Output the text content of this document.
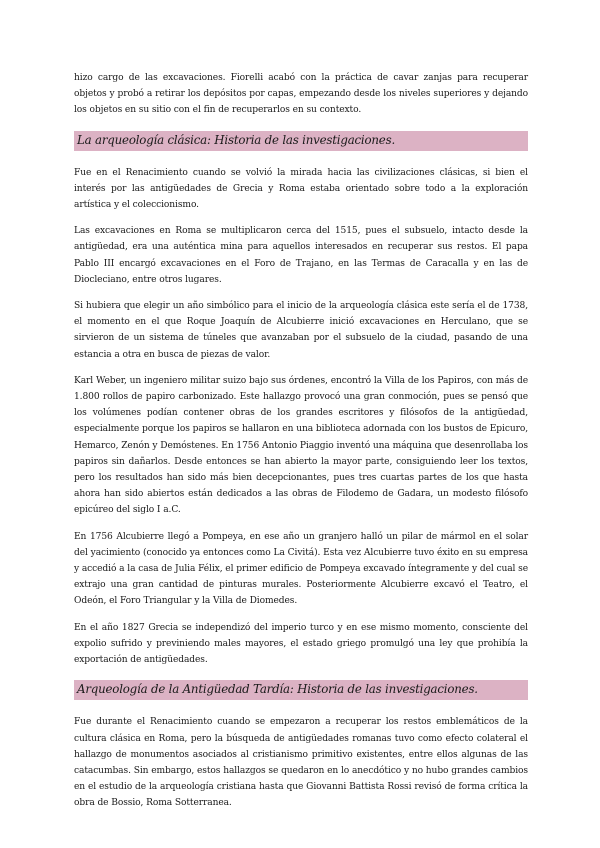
hizo cargo de las excavaciones. Fiorelli acabó con la práctica de cavar zanjas para recuperar objetos y probó a retirar los depósitos por capas, empezando desde los niveles superiores y dejando los objetos en su sitio con el fin de recuperarlos en su contexto.

La arqueología clásica: Historia de las investigaciones.

Fue en el Renacimiento cuando se volvió la mirada hacia las civilizaciones clásicas, si bien el interés por las antigüedades de Grecia y Roma estaba orientado sobre todo a la exploración artística y el coleccionismo.

Las excavaciones en Roma se multiplicaron cerca del 1515, pues el subsuelo, intacto desde la antigüedad, era una auténtica mina para aquellos interesados en recuperar sus restos. El papa Pablo III encargó excavaciones en el Foro de Trajano, en las Termas de Caracalla y en las de Diocleciano, entre otros lugares.

Si hubiera que elegir un año simbólico para el inicio de la arqueología clásica este sería el de 1738, el momento en el que Roque Joaquín de Alcubierre inició excavaciones en Herculano, que se sirvieron de un sistema de túneles que avanzaban por el subsuelo de la ciudad, pasando de una estancia a otra en busca de piezas de valor.

Karl Weber, un ingeniero militar suizo bajo sus órdenes, encontró la Villa de los Papiros, con más de 1.800 rollos de papiro carbonizado. Este hallazgo provocó una gran conmoción, pues se pensó que los volúmenes podían contener obras de los grandes escritores y filósofos de la antigüedad, especialmente porque los papiros se hallaron en una biblioteca adornada con los bustos de Epicuro, Hemarco, Zenón y Demóstenes. En 1756 Antonio Piaggio inventó una máquina que desenrollaba los papiros sin dañarlos. Desde entonces se han abierto la mayor parte, consiguiendo leer los textos, pero los resultados han sido más bien decepcionantes, pues tres cuartas partes de los que hasta ahora han sido abiertos están dedicados a las obras de Filodemo de Gadara, un modesto filósofo epicúreo del siglo I a.C.

En 1756 Alcubierre llegó a Pompeya, en ese año un granjero halló un pilar de mármol en el solar del yacimiento (conocido ya entonces como La Civitá). Esta vez Alcubierre tuvo éxito en su empresa y accedió a la casa de Julia Félix, el primer edificio de Pompeya excavado íntegramente y del cual se extrajo una gran cantidad de pinturas murales. Posteriormente Alcubierre excavó el Teatro, el Odeón, el Foro Triangular y la Villa de Diomedes.

En el año 1827 Grecia se independizó del imperio turco y en ese mismo momento, consciente del expolio sufrido y previniendo males mayores, el estado griego promulgó una ley que prohibía la exportación de antigüedades.

Arqueología de la Antigüedad Tardía: Historia de las investigaciones.

Fue durante el Renacimiento cuando se empezaron a recuperar los restos emblemáticos de la cultura clásica en Roma, pero la búsqueda de antigüedades romanas tuvo como efecto colateral el hallazgo de monumentos asociados al cristianismo primitivo existentes, entre ellos algunas de las catacumbas. Sin embargo, estos hallazgos se quedaron en lo anecdótico y no hubo grandes cambios en el estudio de la arqueología cristiana hasta que Giovanni Battista Rossi revisó de forma crítica la obra de Bossio, Roma Sotterranea.
